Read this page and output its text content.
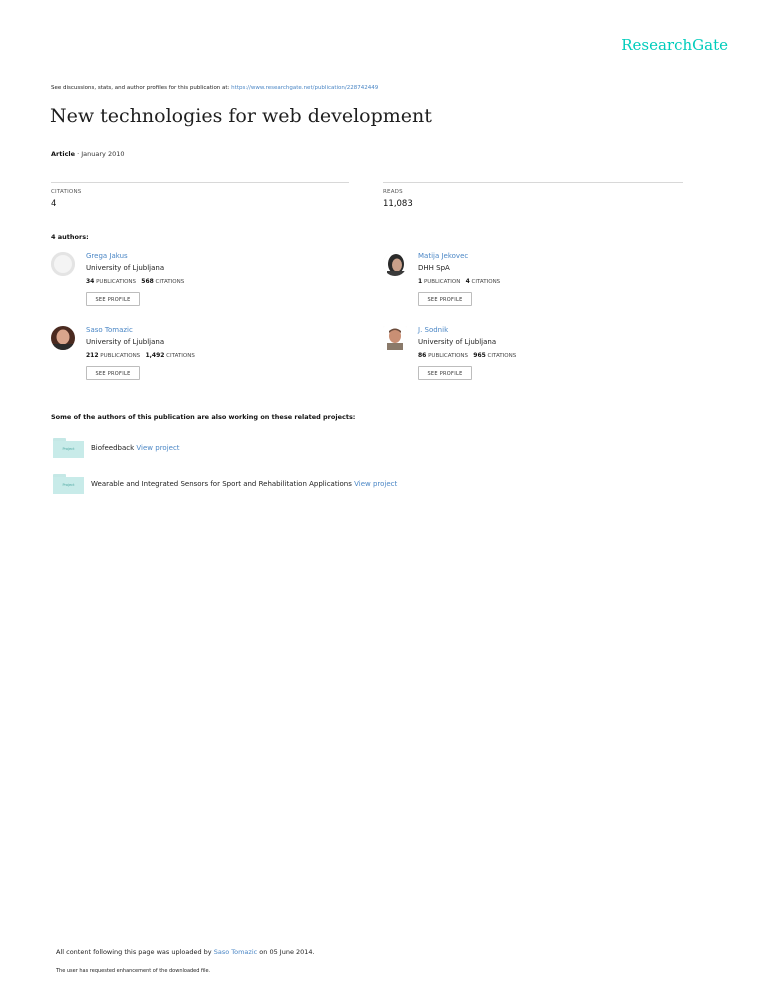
ResearchGate
See discussions, stats, and author profiles for this publication at: https://www.researchgate.net/publication/228742449
New technologies for web development
Article · January 2010
CITATIONS
4
READS
11,083
4 authors:
Grega Jakus
University of Ljubljana
34 PUBLICATIONS 568 CITATIONS
SEE PROFILE
Matija Jekovec
DHH SpA
1 PUBLICATION 4 CITATIONS
SEE PROFILE
Saso Tomazic
University of Ljubljana
212 PUBLICATIONS 1,492 CITATIONS
SEE PROFILE
J. Sodnik
University of Ljubljana
86 PUBLICATIONS 965 CITATIONS
SEE PROFILE
Some of the authors of this publication are also working on these related projects:
Project	Biofeedback View project
Project	Wearable and Integrated Sensors for Sport and Rehabilitation Applications View project
All content following this page was uploaded by Saso Tomazic on 05 June 2014.
The user has requested enhancement of the downloaded file.
